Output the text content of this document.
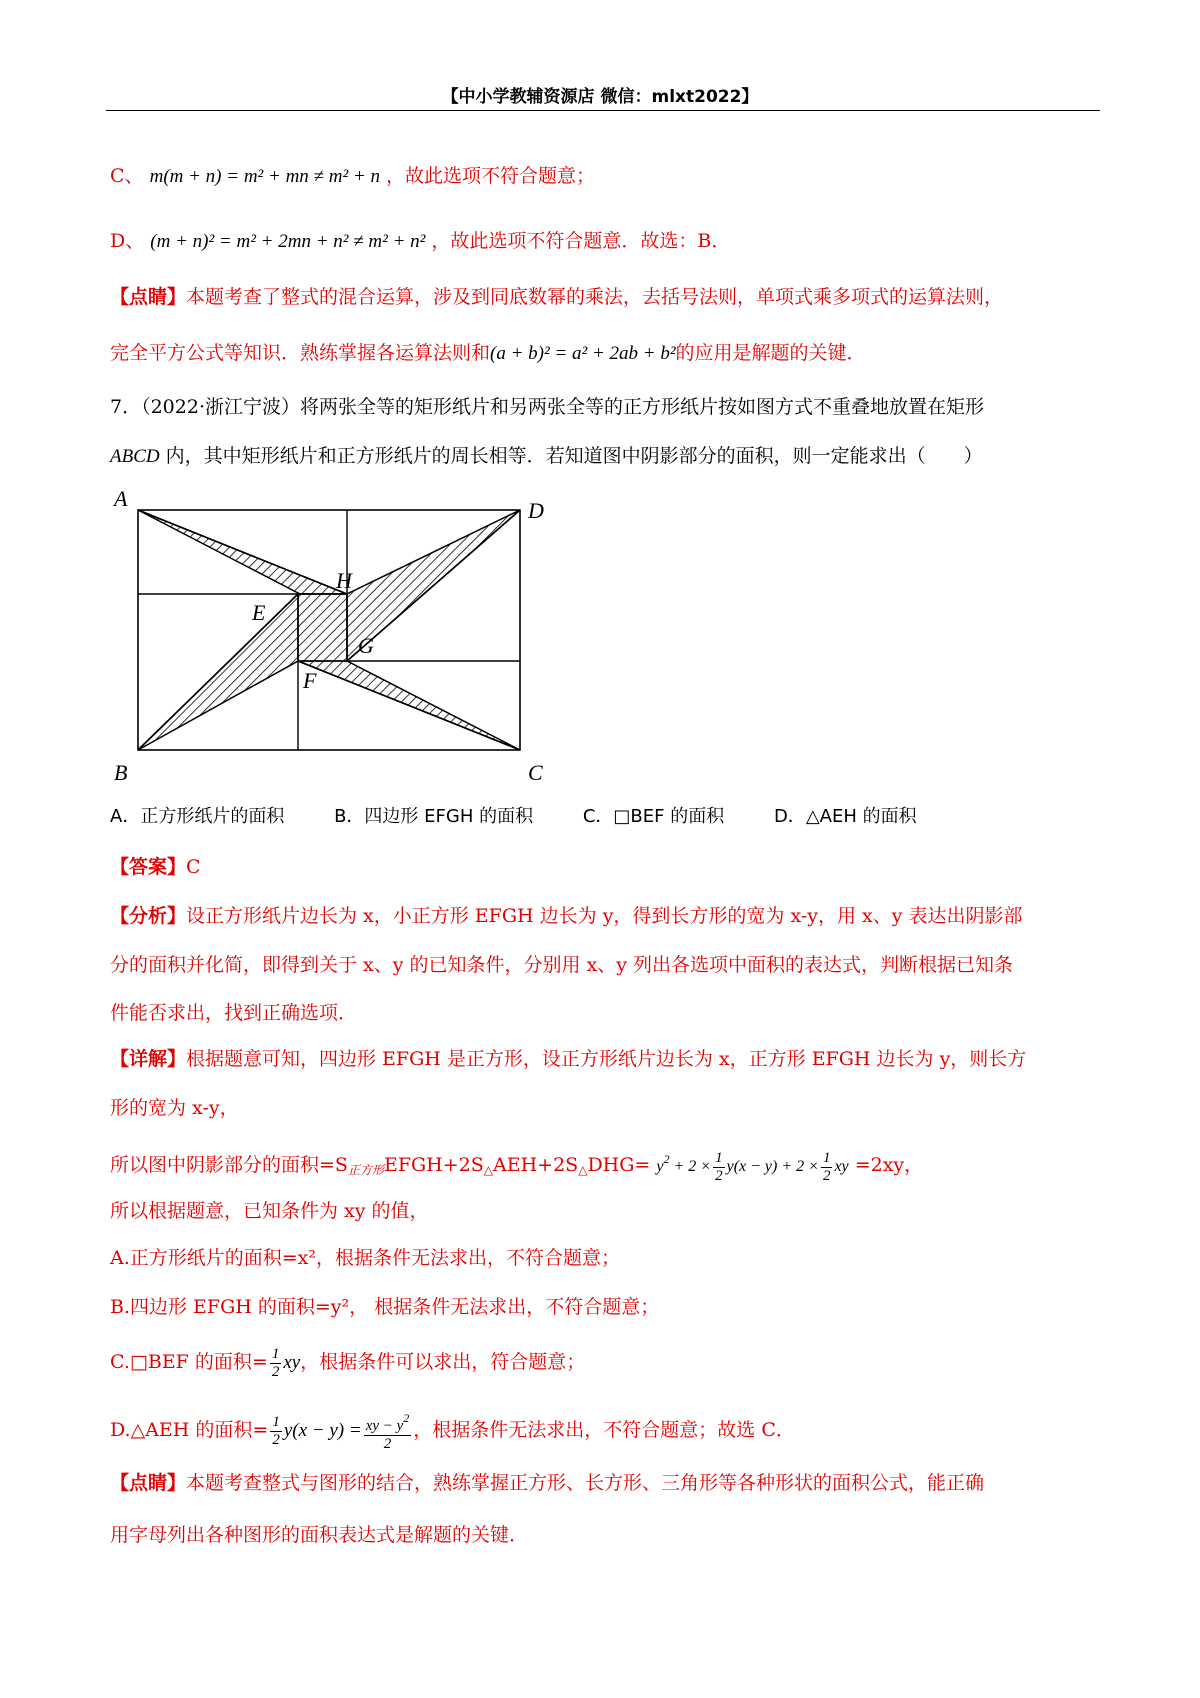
【中小学教辅资源店 微信：mlxt2022】
C、 m(m + n) = m² + mn ≠ m² + n ，故此选项不符合题意；
D、 (m + n)² = m² + 2mn + n² ≠ m² + n² ，故此选项不符合题意．故选：B．
【点睛】本题考查了整式的混合运算，涉及到同底数幂的乘法，去括号法则，单项式乘多项式的运算法则，
完全平方公式等知识．熟练掌握各运算法则和(a + b)² = a² + 2ab + b²的应用是解题的关键．
7．（2022·浙江宁波）将两张全等的矩形纸片和另两张全等的正方形纸片按如图方式不重叠地放置在矩形
ABCD 内，其中矩形纸片和正方形纸片的周长相等．若知道图中阴影部分的面积，则一定能求出（　　）
A	D
H
E
G
F
B	C
A．正方形纸片的面积	B．四边形 EFGH 的面积	C．□BEF 的面积	D．△AEH 的面积
【答案】C
【分析】设正方形纸片边长为 x，小正方形 EFGH 边长为 y，得到长方形的宽为 x-y，用 x、y 表达出阴影部
分的面积并化简，即得到关于 x、y 的已知条件，分别用 x、y 列出各选项中面积的表达式，判断根据已知条
件能否求出，找到正确选项．
【详解】根据题意可知，四边形 EFGH 是正方形，设正方形纸片边长为 x，正方形 EFGH 边长为 y，则长方
形的宽为 x-y，
所以图中阴影部分的面积$=S_{正方形}EFGH+2S_\triangle AEH+2S_\triangle DHG= y^2 + 2 \times \frac{1}{2} y(x - y) + 2 \times \frac{1}{2}$ xy =2xy，
所以根据题意，已知条件为 xy 的值，
A.正方形纸片的面积=x²，根据条件无法求出，不符合题意；
B.四边形 EFGH 的面积=y²， 根据条件无法求出，不符合题意；
C.□BEF 的面积= $\frac{1}{2}$ xy，根据条件可以求出，符合题意；
D.△AEH 的面积= $\frac{1}{2} y(x - y) = \frac{xy - y^2}{2}$ ，根据条件无法求出，不符合题意；故选 C．
【点睛】本题考查整式与图形的结合，熟练掌握正方形、长方形、三角形等各种形状的面积公式，能正确
用字母列出各种图形的面积表达式是解题的关键．
